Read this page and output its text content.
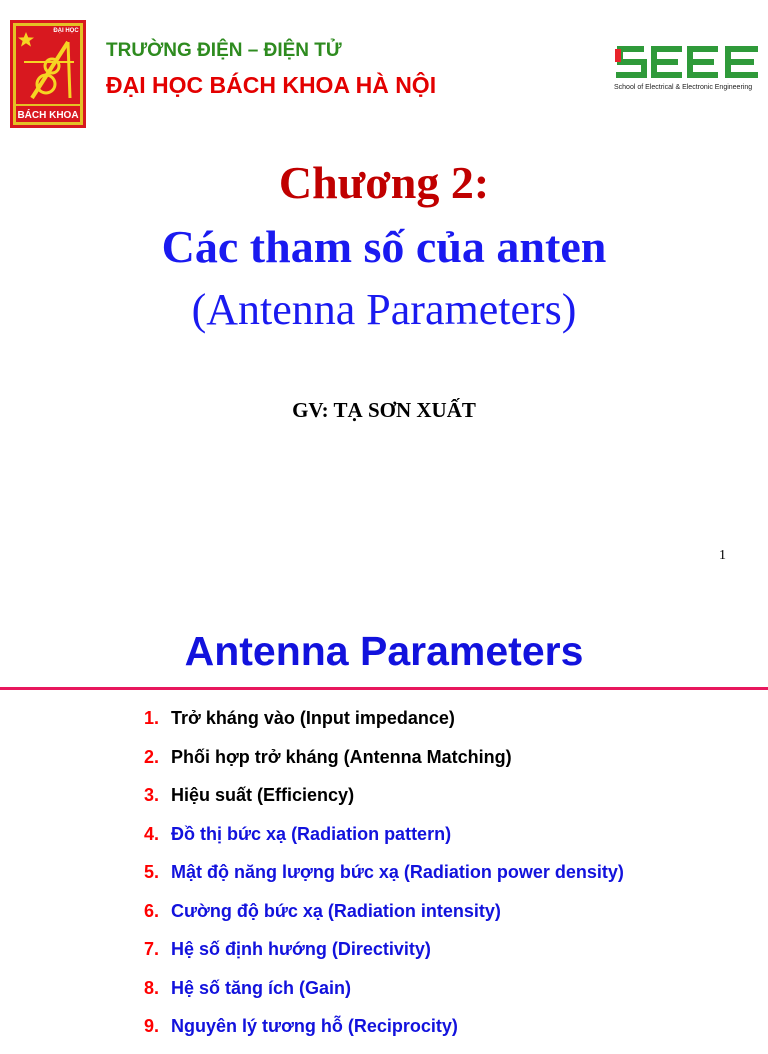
BÁCH KHOA
ĐẠI HỌC
TRƯỜNG ĐIỆN – ĐIỆN TỬ
ĐẠI HỌC BÁCH KHOA HÀ NỘI	School of Electrical & Electronic Engineering
Chương 2:
Các tham số của anten
(Antenna Parameters)
GV: TẠ SƠN XUẤT
1
Antenna Parameters
1. Trở kháng vào (Input impedance)
2. Phối hợp trở kháng (Antenna Matching)
3. Hiệu suất (Efficiency)
4. Đồ thị bức xạ (Radiation pattern)
5. Mật độ năng lượng bức xạ (Radiation power density)
6. Cường độ bức xạ (Radiation intensity)
7. Hệ số định hướng (Directivity)
8. Hệ số tăng ích (Gain)
9. Nguyên lý tương hỗ (Reciprocity)
